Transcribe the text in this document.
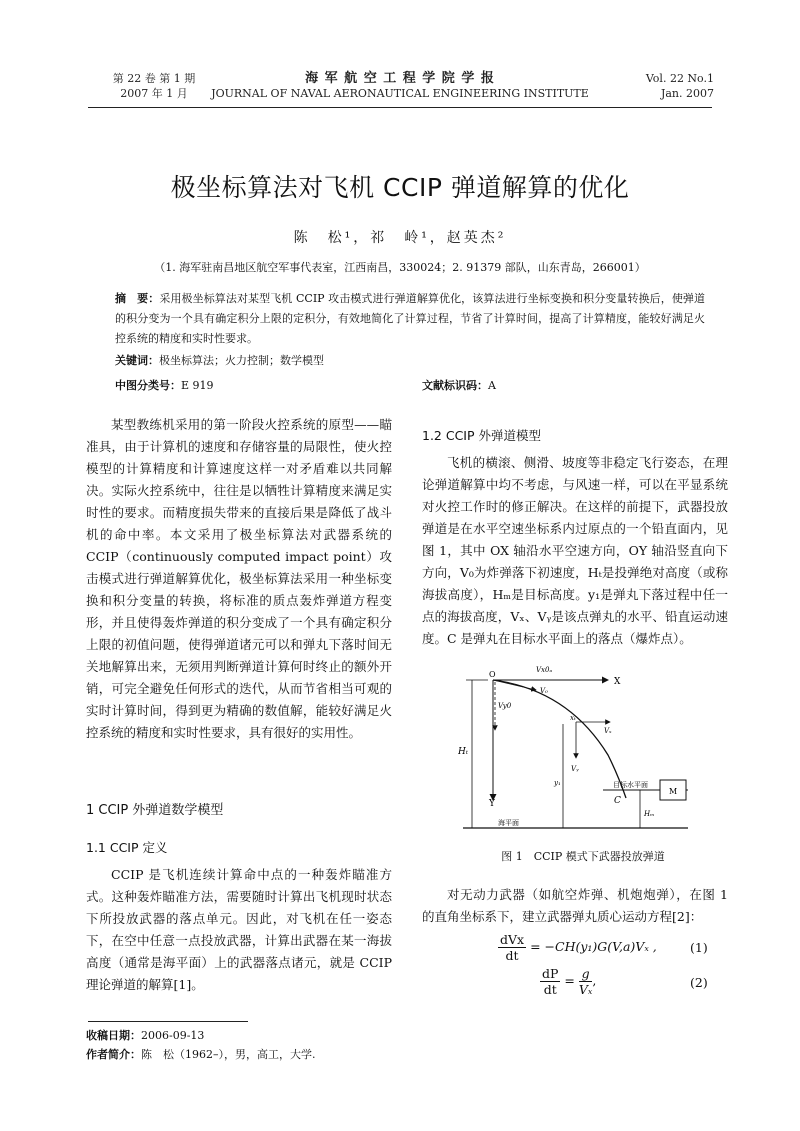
第 22 卷 第 1 期
2007 年 1 月
海 军 航 空 工 程 学 院 学 报
JOURNAL OF NAVAL AERONAUTICAL ENGINEERING INSTITUTE
Vol. 22 No.1
Jan. 2007
极坐标算法对飞机 CCIP 弹道解算的优化
陈　松¹，祁　岭¹，赵英杰²
（1. 海军驻南昌地区航空军事代表室，江西南昌，330024；2. 91379 部队，山东青岛，266001）
摘　要：采用极坐标算法对某型飞机 CCIP 攻击模式进行弹道解算优化，该算法进行坐标变换和积分变量转换后，使弹道的积分变为一个具有确定积分上限的定积分，有效地简化了计算过程，节省了计算时间，提高了计算精度，能较好满足火控系统的精度和实时性要求。
关键词：极坐标算法；火力控制；数学模型
中图分类号：E 919	文献标识码：A

某型教练机采用的第一阶段火控系统的原型——瞄准具，由于计算机的速度和存储容量的局限性，使火控模型的计算精度和计算速度这样一对矛盾难以共同解决。实际火控系统中，往往是以牺牲计算精度来满足实时性的要求。而精度损失带来的直接后果是降低了战斗机的命中率。本文采用了极坐标算法对武器系统的 CCIP（continuously computed impact point）攻击模式进行弹道解算优化，极坐标算法采用一种坐标变换和积分变量的转换，将标准的质点轰炸弹道方程变形，并且使得轰炸弹道的积分变成了一个具有确定积分上限的初值问题，使得弹道诸元可以和弹丸下落时间无关地解算出来，无须用判断弹道计算何时终止的额外开销，可完全避免任何形式的迭代，从而节省相当可观的实时计算时间，得到更为精确的数值解，能较好满足火控系统的精度和实时性要求，具有很好的实用性。

1 CCIP 外弹道数学模型
1.1 CCIP 定义

CCIP 是飞机连续计算命中点的一种轰炸瞄准方式。这种轰炸瞄准方法，需要随时计算出飞机现时状态下所投放武器的落点单元。因此，对飞机在任一姿态下，在空中任意一点投放武器，计算出武器在某一海拔高度（通常是海平面）上的武器落点诸元，就是 CCIP 理论弹道的解算[1]。

1.2 CCIP 外弹道模型

飞机的横滚、侧滑、坡度等非稳定飞行姿态，在理论弹道解算中均不考虑，与风速一样，可以在平显系统对火控工作时的修正解决。在这样的前提下，武器投放弹道是在水平空速坐标系内过原点的一个铅直面内，见图 1，其中 OX 轴沿水平空速方向，OY 轴沿竖直向下方向，V₀为炸弹落下初速度，Hₜ是投弹绝对高度（或称海拔高度），Hₘ是目标高度。y₁是弹丸下落过程中任一点的海拔高度，Vₓ、Vᵧ是该点弹丸的水平、铅直运动速度。C 是弹丸在目标水平面上的落点（爆炸点）。

O
X
Y
Vx0ₐ
V₀
Vy0
xₜ
Vₓ
Vᵧ
Hₜ
y₁	目标水平面
C
M
Hₘ
海平面
图 1　CCIP 模式下武器投放弹道

对无动力武器（如航空炸弹、机炮炮弹），在图 1 的直角坐标系下，建立武器弹丸质心运动方程[2]：

$\frac{\text{dVx}}{dt} = -CH(y_1)G(V,a)V_x$ ,	(1)
$\frac{dP}{dt} = \frac{g}{\text{Vₓ}}$ ,	(2)
收稿日期：2006-09-13
作者简介：陈　松（1962–），男，高工，大学.
